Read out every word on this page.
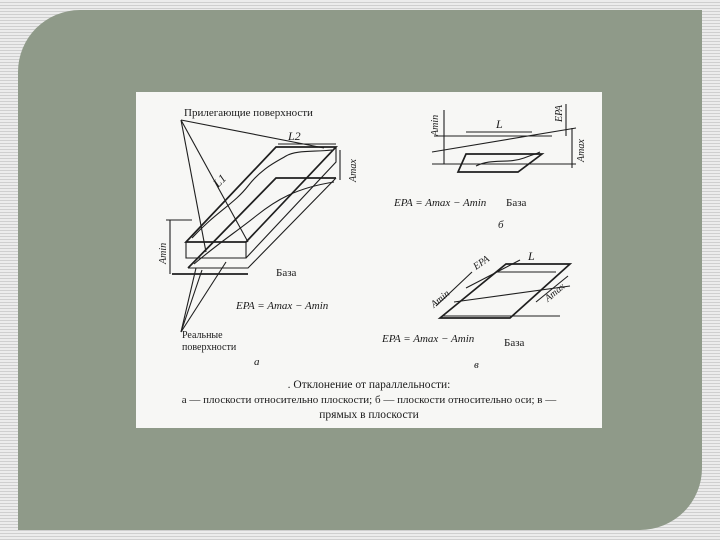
Прилегающие поверхности
L2
L1	Amax
Amin
База
EPA = Amax − Amin
Реальные
поверхности
а
Amin	L
EPA
Amax
EPA = Amax − Amin База
б
EPA	L
Amin	Amax
EPA = Amax − Amin	База
в
. Отклонение от параллельности:
а — плоскости относительно плоскости; б — плоскости относительно оси; в —
прямых в плоскости
